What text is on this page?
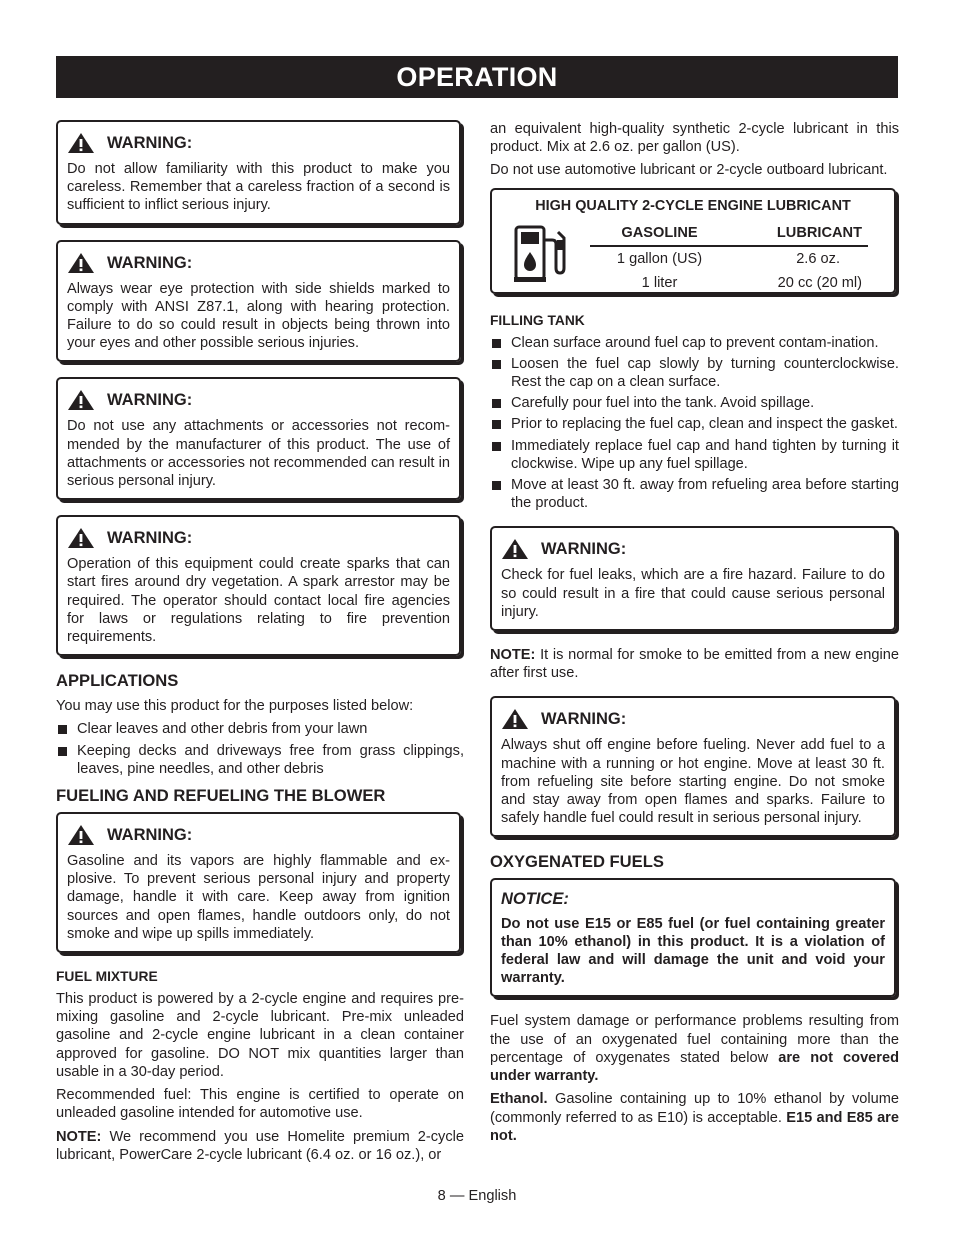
OPERATION
WARNING:

Do not allow familiarity with this product to make you careless. Remember that a careless fraction of a second is sufficient to inflict serious injury.

WARNING:

Always wear eye protection with side shields marked to comply with ANSI Z87.1, along with hearing protection. Failure to do so could result in objects being thrown into your eyes and other possible serious injuries.

WARNING:

Do not use any attachments or accessories not recom-mended by the manufacturer of this product. The use of attachments or accessories not recommended can result in serious personal injury.

WARNING:

Operation of this equipment could create sparks that can start fires around dry vegetation. A spark arrestor may be required. The operator should contact local fire agencies for laws or regulations relating to fire prevention requirements.

APPLICATIONS

You may use this product for the purposes listed below:

Clear leaves and other debris from your lawn
Keeping decks and driveways free from grass clippings, leaves, pine needles, and other debris
FUELING AND REFUELING THE BLOWER
WARNING:

Gasoline and its vapors are highly flammable and ex-plosive. To prevent serious personal injury and property damage, handle it with care. Keep away from ignition sources and open flames, handle outdoors only, do not smoke and wipe up spills immediately.

FUEL MIXTURE

This product is powered by a 2-cycle engine and requires pre-mixing gasoline and 2-cycle lubricant. Pre-mix unleaded gasoline and 2-cycle engine lubricant in a clean container approved for gasoline. DO NOT mix quantities larger than usable in a 30-day period.

Recommended fuel: This engine is certified to operate on unleaded gasoline intended for automotive use.

NOTE: We recommend you use Homelite premium 2-cycle lubricant, PowerCare 2-cycle lubricant (6.4 oz. or 16 oz.), or

an equivalent high-quality synthetic 2-cycle lubricant in this product. Mix at 2.6 oz. per gallon (US).

Do not use automotive lubricant or 2-cycle outboard lubricant.

HIGH QUALITY 2-CYCLE ENGINE LUBRICANT
GASOLINE	LUBRICANT
1 gallon (US)	2.6 oz.
1 liter	20 cc (20 ml)
FILLING TANK
Clean surface around fuel cap to prevent contam-ination.
Loosen the fuel cap slowly by turning counterclockwise. Rest the cap on a clean surface.
Carefully pour fuel into the tank. Avoid spillage.
Prior to replacing the fuel cap, clean and inspect the gasket.
Immediately replace fuel cap and hand tighten by turning it clockwise. Wipe up any fuel spillage.
Move at least 30 ft. away from refueling area before starting the product.
WARNING:

Check for fuel leaks, which are a fire hazard. Failure to do so could result in a fire that could cause serious personal injury.

NOTE: It is normal for smoke to be emitted from a new engine after first use.

WARNING:

Always shut off engine before fueling. Never add fuel to a machine with a running or hot engine. Move at least 30 ft. from refueling site before starting engine. Do not smoke and stay away from open flames and sparks. Failure to safely handle fuel could result in serious personal injury.

OXYGENATED FUELS
NOTICE:

Do not use E15 or E85 fuel (or fuel containing greater than 10% ethanol) in this product. It is a violation of federal law and will damage the unit and void your warranty.

Fuel system damage or performance problems resulting from the use of an oxygenated fuel containing more than the percentage of oxygenates stated below are not covered under warranty.

Ethanol. Gasoline containing up to 10% ethanol by volume (commonly referred to as E10) is acceptable. E15 and E85 are not.

8 — English
